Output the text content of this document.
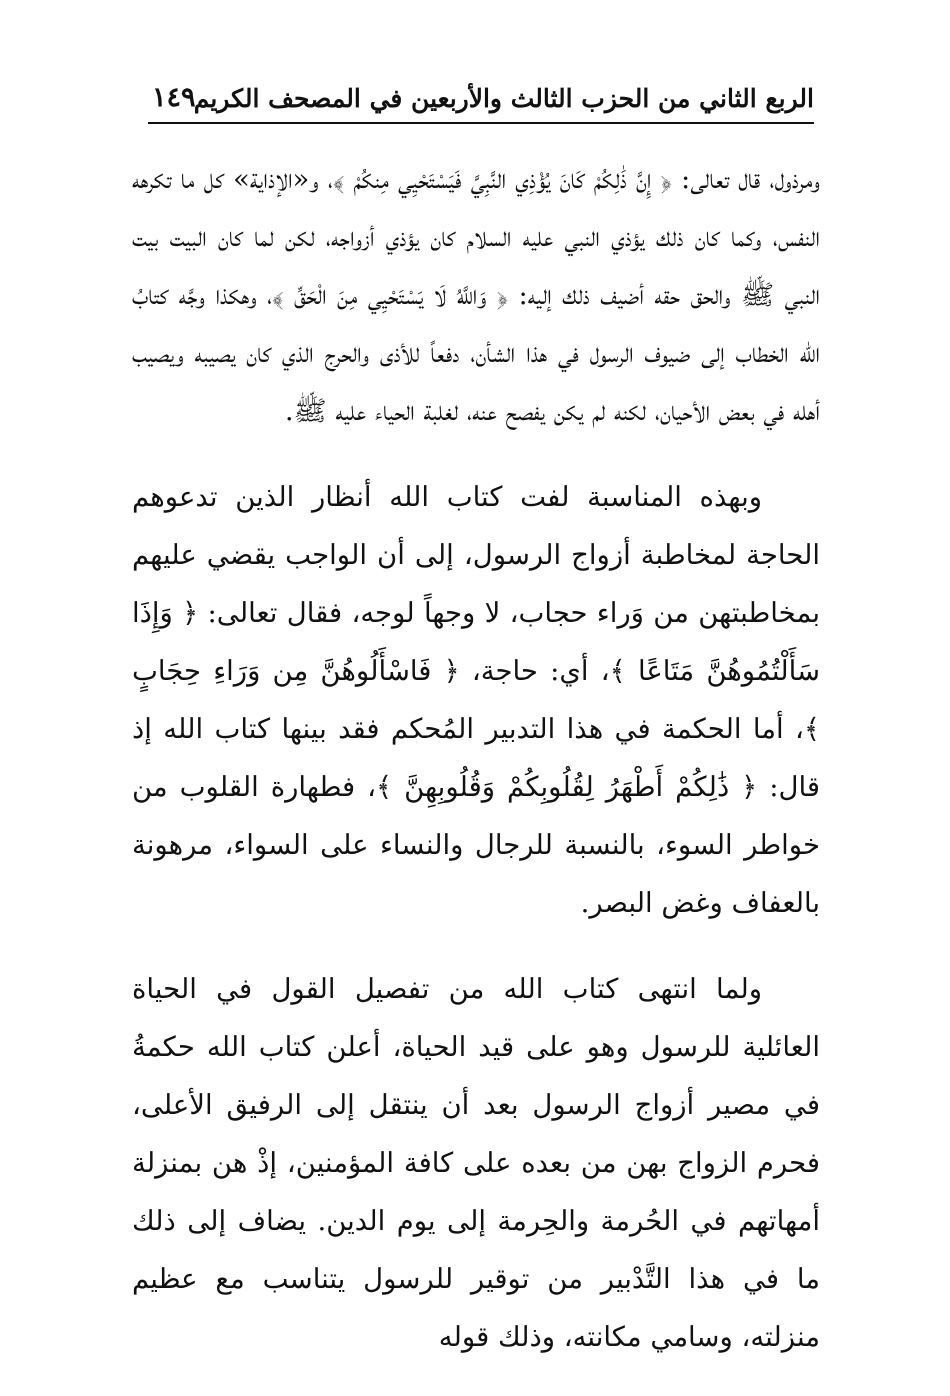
الربع الثاني من الحزب الثالث والأربعين في المصحف الكريم
١٤٩

ومرذول، قال تعالى: ﴿ إِنَّ ذَٰلِكُمْ كَانَ يُؤْذِي النَّبِيَّ فَيَسْتَحْيِي مِنكُمْ ﴾، و«الإذاية» كل ما تكرهه النفس، وكما كان ذلك يؤذي النبي عليه السلام كان يؤذي أزواجه، لكن لما كان البيت بيت النبي ﷺ والحق حقه أضيف ذلك إليه: ﴿ وَاللَّهُ لَا يَسْتَحْيِي مِنَ الْحَقِّ ﴾، وهكذا وجَّه كتابُ الله الخطاب إلى ضيوف الرسول في هذا الشأن، دفعاً للأذى والحرج الذي كان يصيبه ويصيب أهله في بعض الأحيان، لكنه لم يكن يفصح عنه، لغلبة الحياء عليه ﷺ.

وبهذه المناسبة لفت كتاب الله أنظار الذين تدعوهم الحاجة لمخاطبة أزواج الرسول، إلى أن الواجب يقضي عليهم بمخاطبتهن من وَراء حجاب، لا وجهاً لوجه، فقال تعالى: ﴿ وَإِذَا سَأَلْتُمُوهُنَّ مَتَاعًا ﴾، أي: حاجة، ﴿ فَاسْأَلُوهُنَّ مِن وَرَاءِ حِجَابٍ ﴾، أما الحكمة في هذا التدبير المُحكم فقد بينها كتاب الله إذ قال: ﴿ ذَٰلِكُمْ أَطْهَرُ لِقُلُوبِكُمْ وَقُلُوبِهِنَّ ﴾، فطهارة القلوب من خواطر السوء، بالنسبة للرجال والنساء على السواء، مرهونة بالعفاف وغض البصر.

ولما انتهى كتاب الله من تفصيل القول في الحياة العائلية للرسول وهو على قيد الحياة، أعلن كتاب الله حكمةُ في مصير أزواج الرسول بعد أن ينتقل إلى الرفيق الأعلى، فحرم الزواج بهن من بعده على كافة المؤمنين، إذْ هن بمنزلة أمهاتهم في الحُرمة والحِرمة إلى يوم الدين. يضاف إلى ذلك ما في هذا التَّدْبير من توقير للرسول يتناسب مع عظيم منزلته، وسامي مكانته، وذلك قوله
